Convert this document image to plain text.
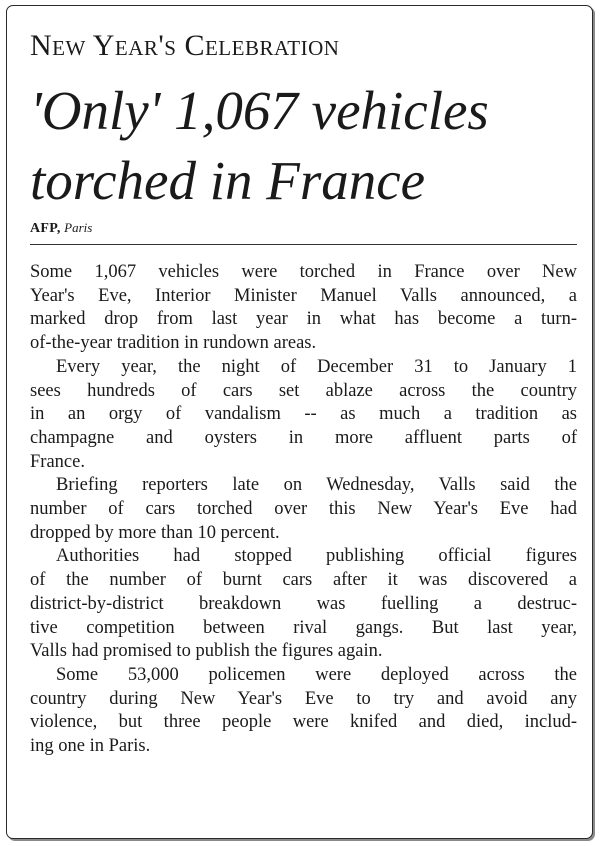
New Year's Celebration
'Only' 1,067 vehicles
torched in France
AFP, Paris

Some 1,067 vehicles were torched in France over New
Year's Eve, Interior Minister Manuel Valls announced, a
marked drop from last year in what has become a turn-
of-the-year tradition in rundown areas.

Every year, the night of December 31 to January 1
sees hundreds of cars set ablaze across the country
in an orgy of vandalism -- as much a tradition as
champagne and oysters in more affluent parts of
France.

Briefing reporters late on Wednesday, Valls said the
number of cars torched over this New Year's Eve had
dropped by more than 10 percent.

Authorities had stopped publishing official figures
of the number of burnt cars after it was discovered a
district-by-district breakdown was fuelling a destruc-
tive competition between rival gangs. But last year,
Valls had promised to publish the figures again.

Some 53,000 policemen were deployed across the
country during New Year's Eve to try and avoid any
violence, but three people were knifed and died, includ-
ing one in Paris.
